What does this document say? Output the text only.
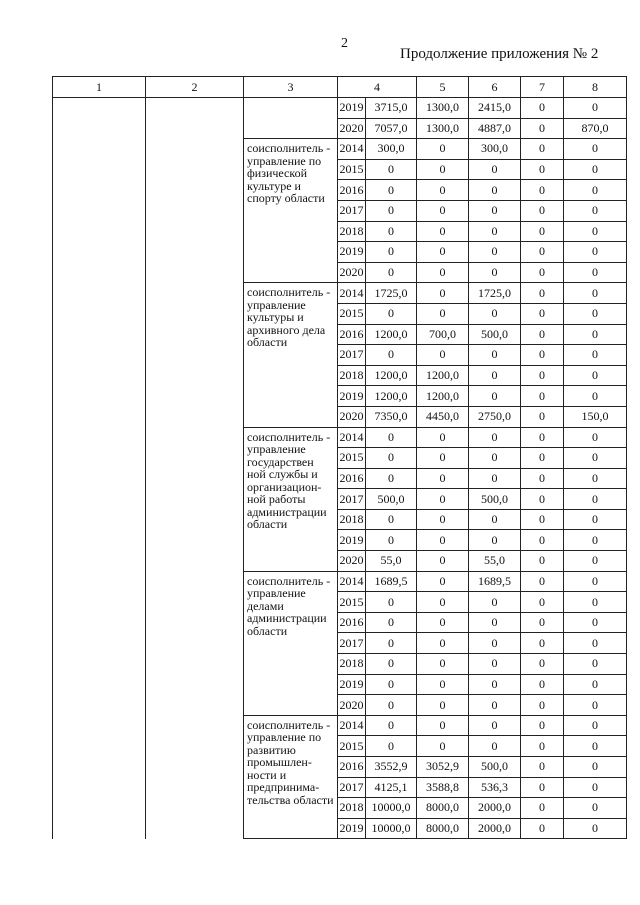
2
Продолжение приложения № 2
1	2	3	4		5	6	7	8
			2019	3715,0	1300,0	2415,0	0	0
			2020	7057,0	1300,0	4887,0	0	870,0
		соисполнитель - управление по физической культуре и спорту области	2014	300,0	0	300,0	0	0
			2015	0	0	0	0	0
			2016	0	0	0	0	0
			2017	0	0	0	0	0
			2018	0	0	0	0	0
			2019	0	0	0	0	0
			2020	0	0	0	0	0
		соисполнитель - управление культуры и архивного дела области	2014	1725,0	0	1725,0	0	0
			2015	0	0	0	0	0
			2016	1200,0	700,0	500,0	0	0
			2017	0	0	0	0	0
			2018	1200,0	1200,0	0	0	0
			2019	1200,0	1200,0	0	0	0
			2020	7350,0	4450,0	2750,0	0	150,0
		соисполнитель - управление государствен ной службы и организацион-ной работы администрации области	2014	0	0	0	0	0
			2015	0	0	0	0	0
			2016	0	0	0	0	0
			2017	500,0	0	500,0	0	0
			2018	0	0	0	0	0
			2019	0	0	0	0	0
			2020	55,0	0	55,0	0	0
		соисполнитель - управление делами администрации области	2014	1689,5	0	1689,5	0	0
			2015	0	0	0	0	0
			2016	0	0	0	0	0
			2017	0	0	0	0	0
			2018	0	0	0	0	0
			2019	0	0	0	0	0
			2020	0	0	0	0	0
		соисполнитель - управление по развитию промышлен-ности и предпринима-тельства области	2014	0	0	0	0	0
			2015	0	0	0	0	0
			2016	3552,9	3052,9	500,0	0	0
			2017	4125,1	3588,8	536,3	0	0
			2018	10000,0	8000,0	2000,0	0	0
			2019	10000,0	8000,0	2000,0	0	0
